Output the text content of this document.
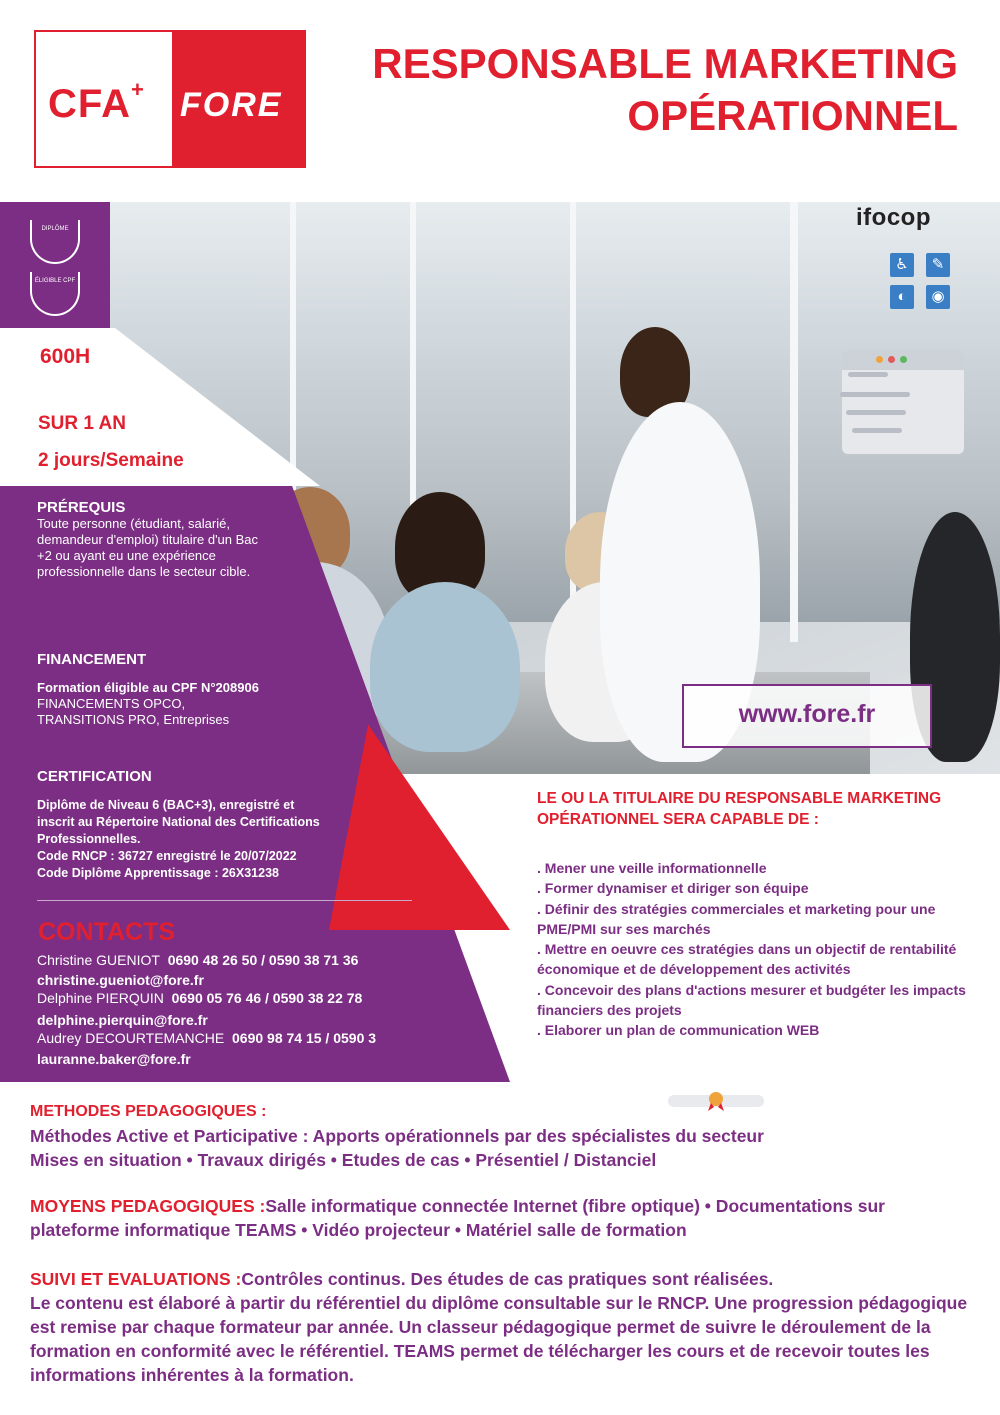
CFA+ FORE
RESPONSABLE MARKETING
OPÉRATIONNEL
DIPLÔME
ÉLIGIBLE CPF
600H
SUR 1 AN
2 jours/Semaine
PRÉREQUIS
Toute personne (étudiant, salarié, demandeur d'emploi) titulaire d'un Bac +2 ou ayant eu une expérience professionnelle dans le secteur cible.
FINANCEMENT
Formation éligible au CPF N°208906
FINANCEMENTS OPCO,
TRANSITIONS PRO, Entreprises
CERTIFICATION
Diplôme de Niveau 6 (BAC+3), enregistré et
inscrit au Répertoire National des Certifications
Professionnelles.
Code RNCP : 36727 enregistré le 20/07/2022
Code Diplôme Apprentissage : 26X31238
CONTACTS
Christine GUENIOT 0690 48 26 50 / 0590 38 71 36
christine.gueniot@fore.fr
Delphine PIERQUIN 0690 05 76 46 / 0590 38 22 78
delphine.pierquin@fore.fr
Audrey DECOURTEMANCHE 0690 98 74 15 / 0590 3
lauranne.baker@fore.fr
ifocop
♿	✎
◐	◉
www.fore.fr
LE OU LA TITULAIRE DU RESPONSABLE MARKETING OPÉRATIONNEL SERA CAPABLE DE :
. Mener une veille informationnelle
. Former dynamiser et diriger son équipe
. Définir des stratégies commerciales et marketing pour une PME/PMI sur ses marchés
. Mettre en oeuvre ces stratégies dans un objectif de rentabilité économique et de développement des activités
. Concevoir des plans d'actions mesurer et budgéter les impacts financiers des projets
. Elaborer un plan de communication WEB
METHODES PEDAGOGIQUES :
Méthodes Active et Participative : Apports opérationnels par des spécialistes du secteur
Mises en situation • Travaux dirigés • Etudes de cas • Présentiel / Distanciel
MOYENS PEDAGOGIQUES :Salle informatique connectée Internet (fibre optique) • Documentations sur plateforme informatique TEAMS • Vidéo projecteur • Matériel salle de formation
SUIVI ET EVALUATIONS :Contrôles continus. Des études de cas pratiques sont réalisées.
Le contenu est élaboré à partir du référentiel du diplôme consultable sur le RNCP. Une progression pédagogique est remise par chaque formateur par année. Un classeur pédagogique permet de suivre le déroulement de la formation en conformité avec le référentiel. TEAMS permet de télécharger les cours et de recevoir toutes les informations inhérentes à la formation.
